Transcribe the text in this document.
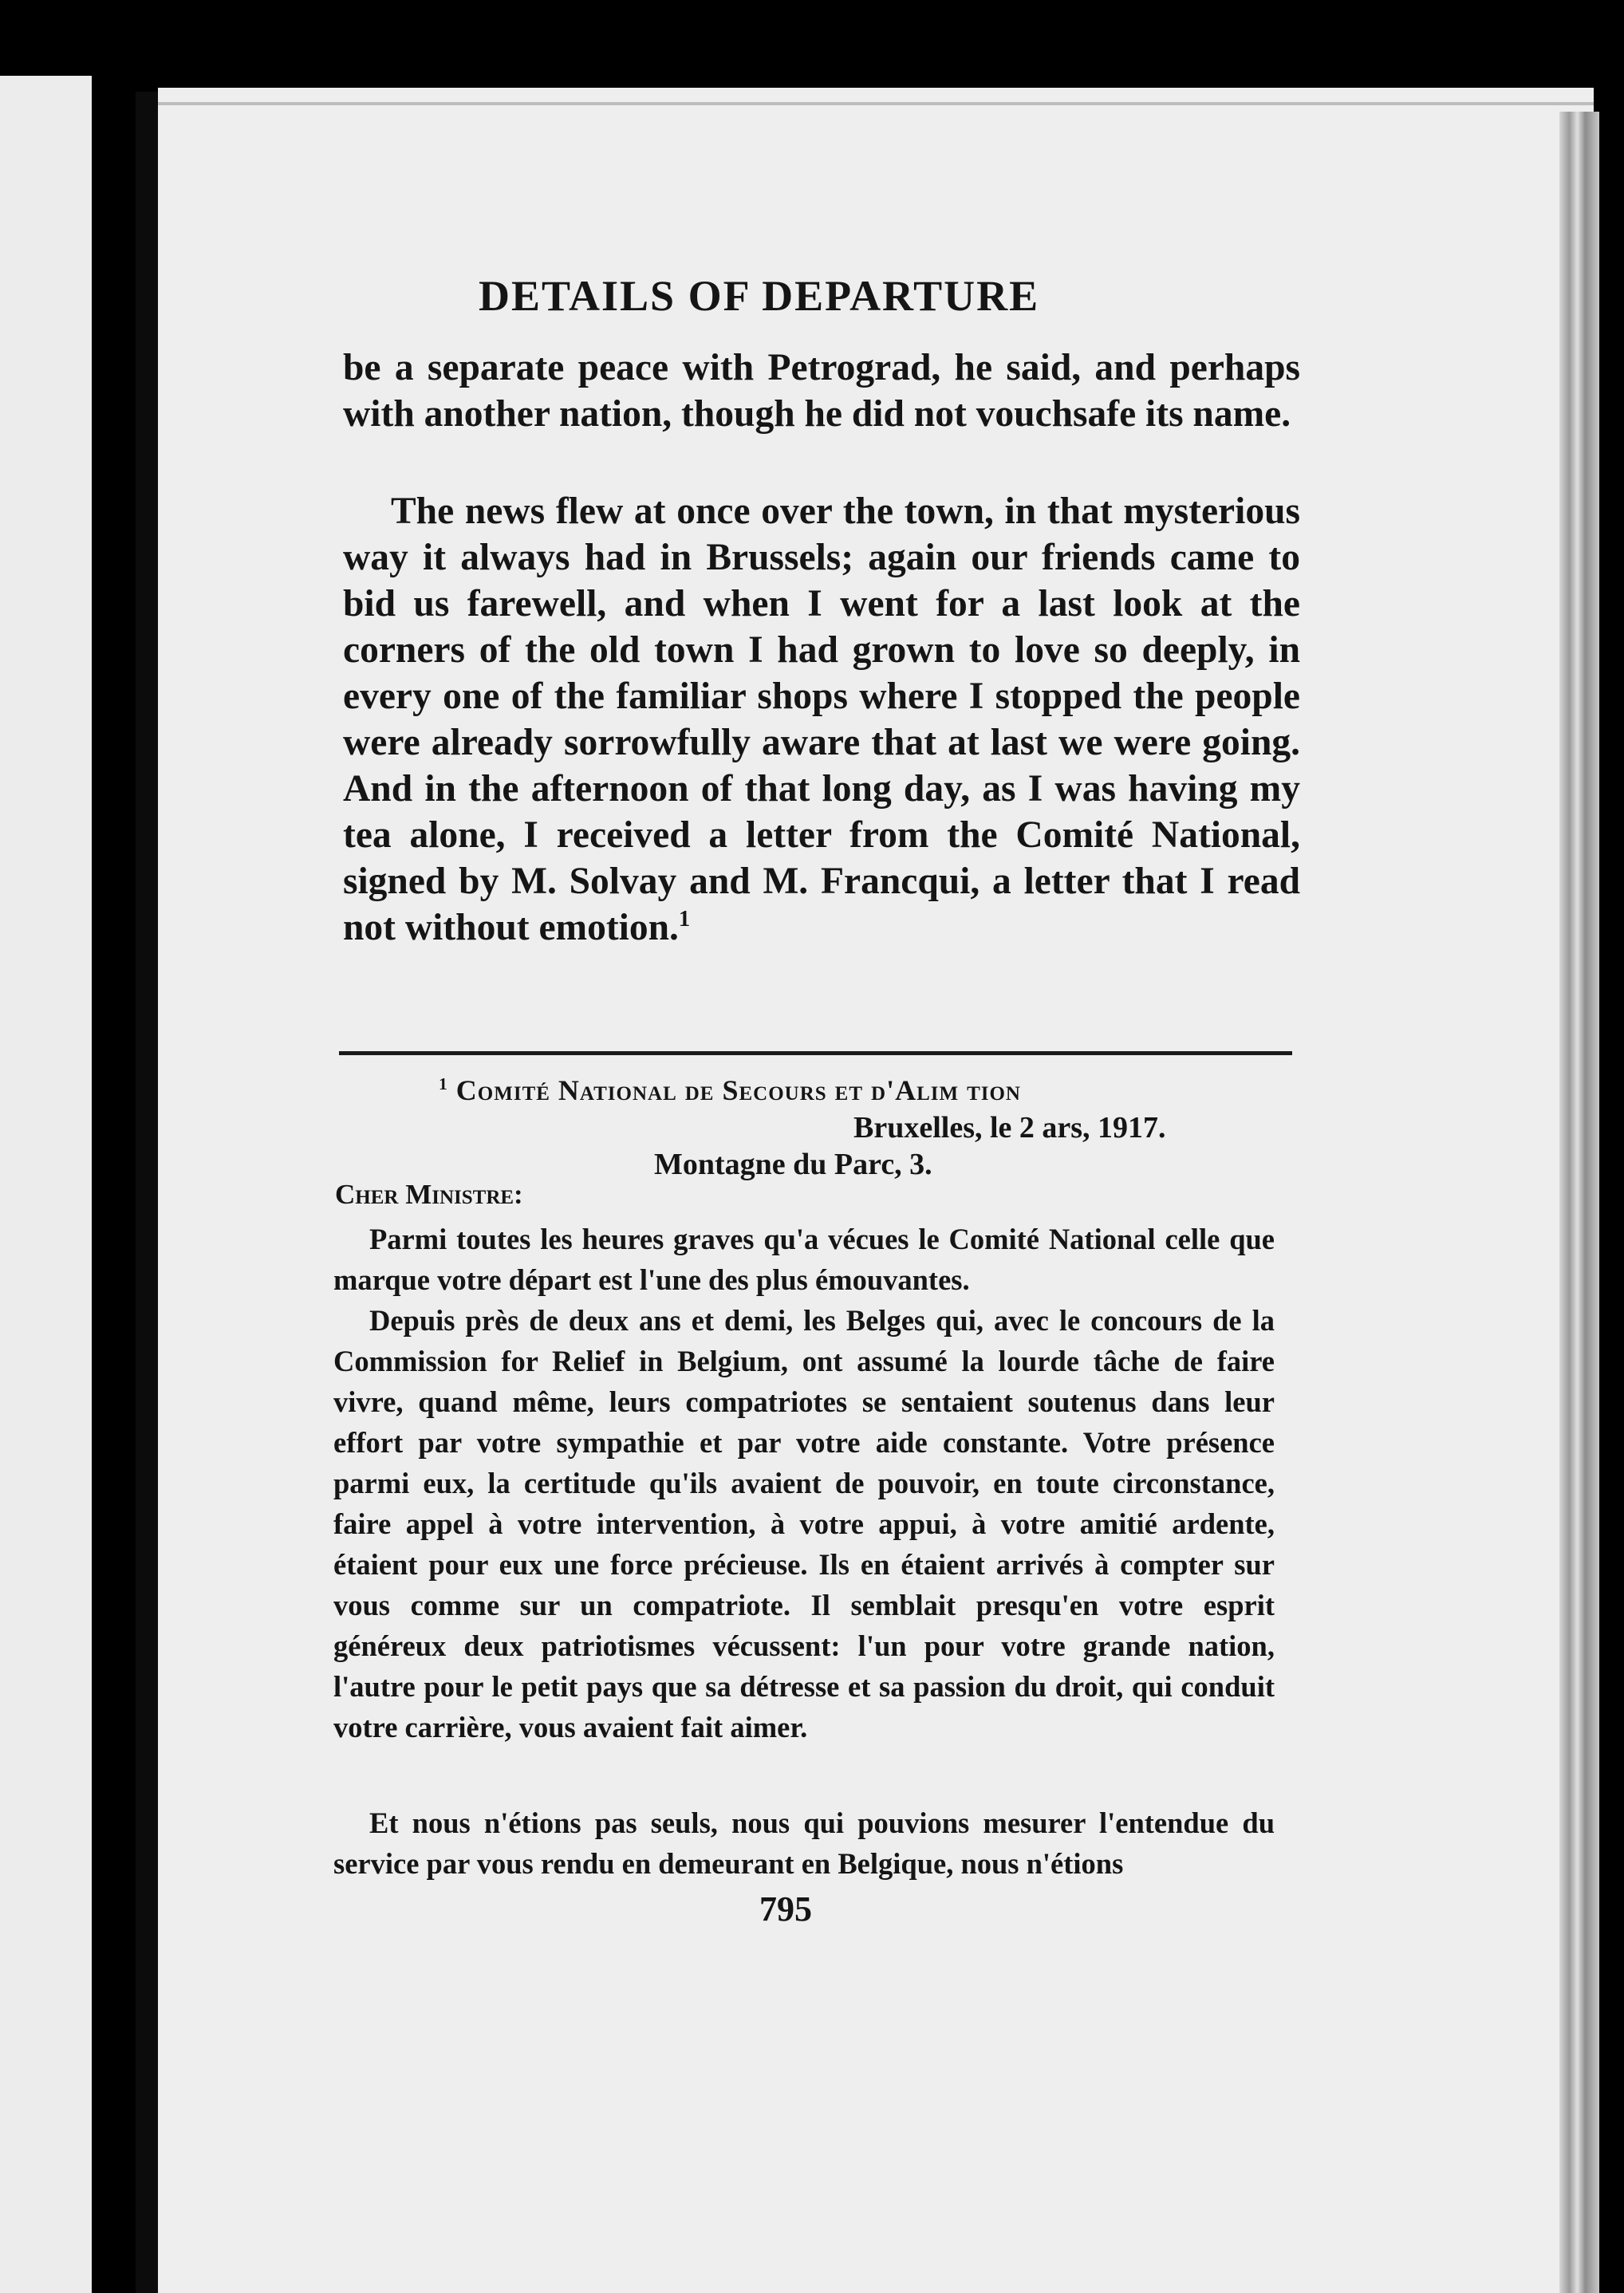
DETAILS OF DEPARTURE
be a separate peace with Petrograd, he said, and perhaps with another nation, though he did not vouchsafe its name.
The news flew at once over the town, in that mysterious way it always had in Brussels; again our friends came to bid us farewell, and when I went for a last look at the corners of the old town I had grown to love so deeply, in every one of the familiar shops where I stopped the people were already sorrowfully aware that at last we were going. And in the afternoon of that long day, as I was having my tea alone, I received a letter from the Comité National, signed by M. Solvay and M. Francqui, a letter that I read not without emotion.$^1$
$^1$ Comité National de Secours et d'Alim tion
Bruxelles, le 2 ars, 1917.
Montagne du Parc, 3.
Cher Ministre:
Parmi toutes les heures graves qu'a vécues le Comité National celle que marque votre départ est l'une des plus émouvantes.
Depuis près de deux ans et demi, les Belges qui, avec le concours de la Commission for Relief in Belgium, ont assumé la lourde tâche de faire vivre, quand même, leurs compatriotes se sentaient soutenus dans leur effort par votre sympathie et par votre aide constante. Votre présence parmi eux, la certitude qu'ils avaient de pouvoir, en toute circonstance, faire appel à votre intervention, à votre appui, à votre amitié ardente, étaient pour eux une force précieuse. Ils en étaient arrivés à compter sur vous comme sur un compatriote. Il semblait presqu'en votre esprit généreux deux patriotismes vécussent: l'un pour votre grande nation, l'autre pour le petit pays que sa détresse et sa passion du droit, qui conduit votre carrière, vous avaient fait aimer.
Et nous n'étions pas seuls, nous qui pouvions mesurer l'entendue du service par vous rendu en demeurant en Belgique, nous n'étions
795
